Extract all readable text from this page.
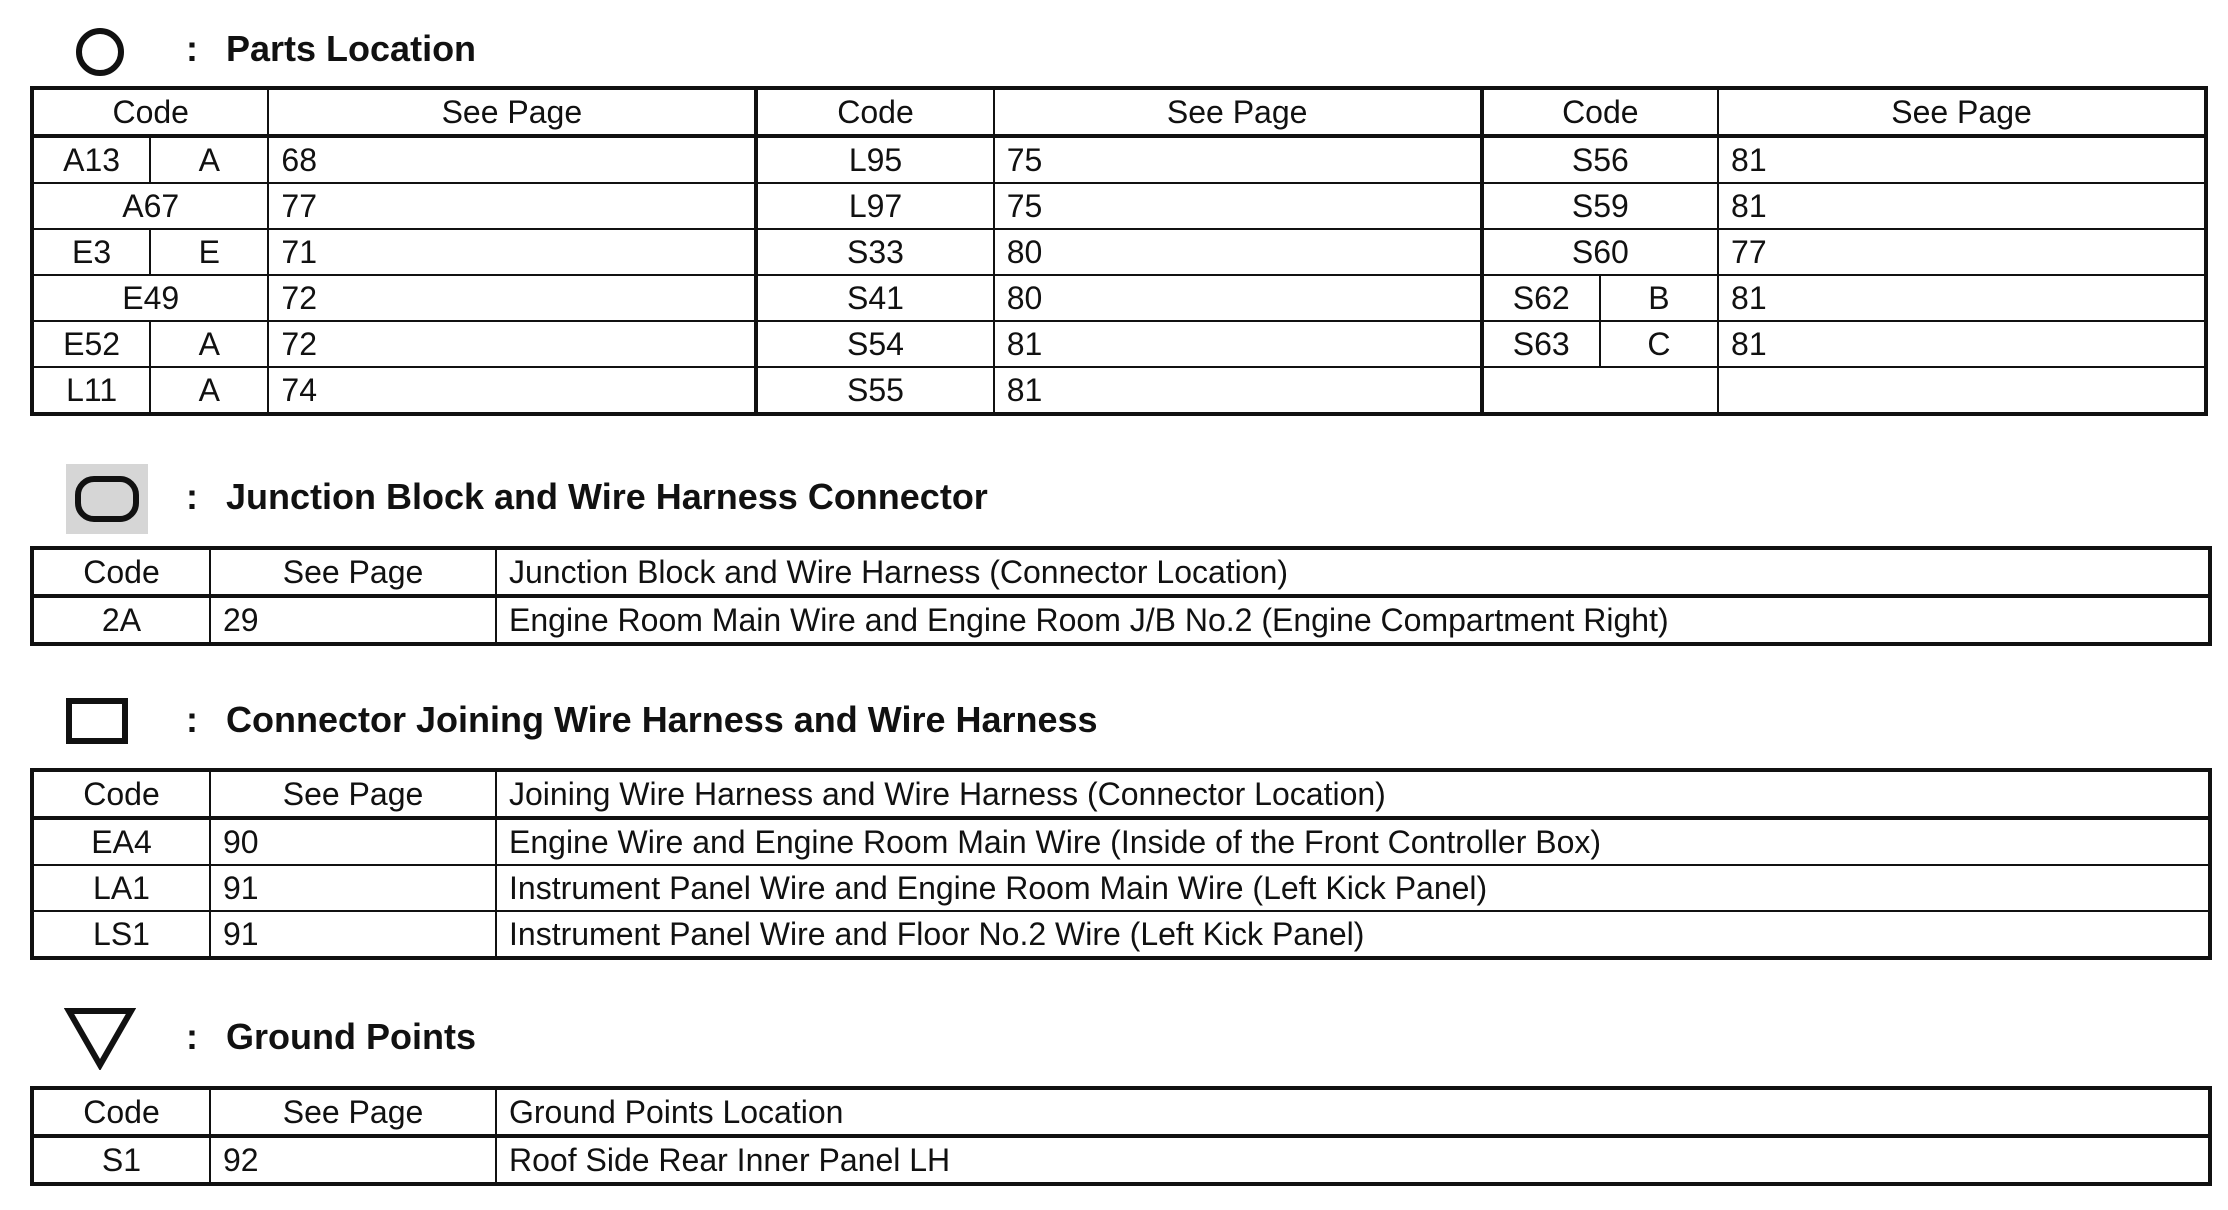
: Parts Location
Code		See Page	Code	See Page	Code		See Page
A13	A	68	L95	75	S56		81
A67		77	L97	75	S59		81
E3	E	71	S33	80	S60		77
E49		72	S41	80	S62	B	81
E52	A	72	S54	81	S63	C	81
L11	A	74	S55	81			
: Junction Block and Wire Harness Connector
Code	See Page	Junction Block and Wire Harness (Connector Location)
2A	29	Engine Room Main Wire and Engine Room J/B No.2 (Engine Compartment Right)
: Connector Joining Wire Harness and Wire Harness
Code	See Page	Joining Wire Harness and Wire Harness (Connector Location)
EA4	90	Engine Wire and Engine Room Main Wire (Inside of the Front Controller Box)
LA1	91	Instrument Panel Wire and Engine Room Main Wire (Left Kick Panel)
LS1	91	Instrument Panel Wire and Floor No.2 Wire (Left Kick Panel)
: Ground Points
Code	See Page	Ground Points Location
S1	92	Roof Side Rear Inner Panel LH
